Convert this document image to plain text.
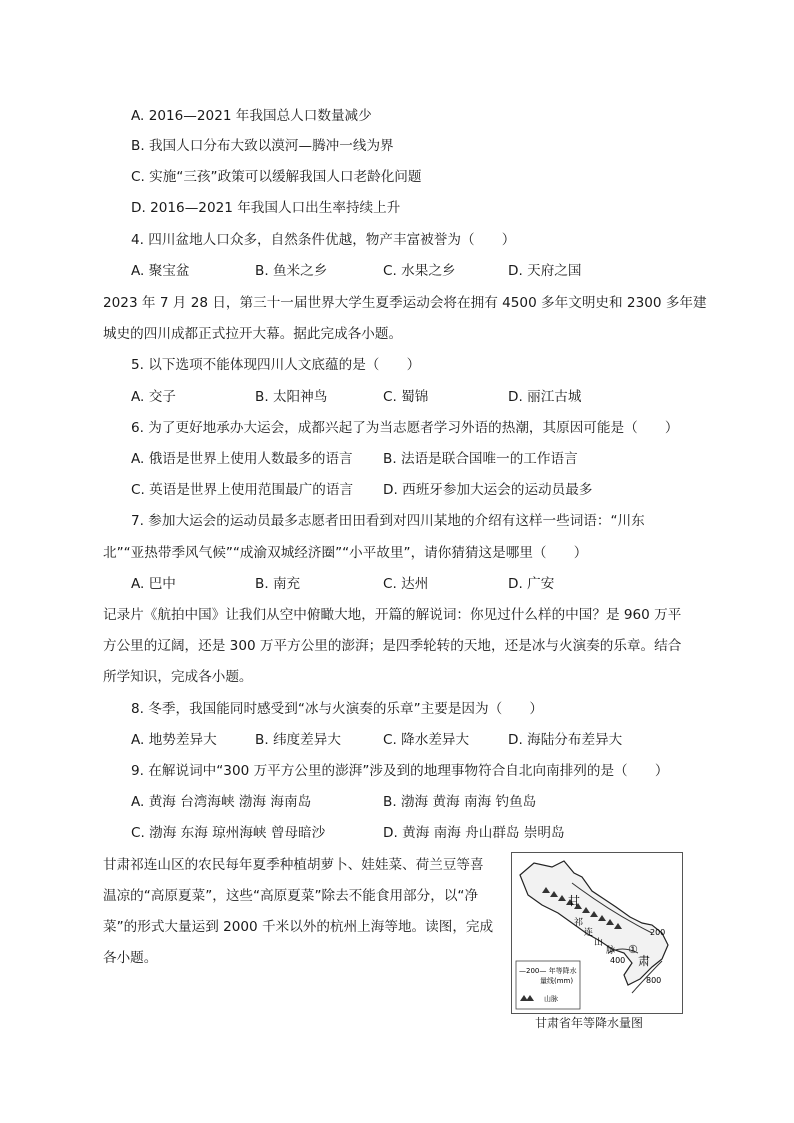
A. 2016—2021 年我国总人口数量减少
B. 我国人口分布大致以漠河—腾冲一线为界
C. 实施“三孩”政策可以缓解我国人口老龄化问题
D. 2016—2021 年我国人口出生率持续上升
4. 四川盆地人口众多，自然条件优越，物产丰富被誉为（　　）
A. 聚宝盆	B. 鱼米之乡	C. 水果之乡	D. 天府之国
2023 年 7 月 28 日，第三十一届世界大学生夏季运动会将在拥有 4500 多年文明史和 2300 多年建
城史的四川成都正式拉开大幕。据此完成各小题。
5. 以下选项不能体现四川人文底蕴的是（　　）
A. 交子	B. 太阳神鸟	C. 蜀锦	D. 丽江古城
6. 为了更好地承办大运会，成都兴起了为当志愿者学习外语的热潮，其原因可能是（　　）
A. 俄语是世界上使用人数最多的语言 B. 法语是联合国唯一的工作语言
C. 英语是世界上使用范围最广的语言 D. 西班牙参加大运会的运动员最多
7. 参加大运会的运动员最多志愿者田田看到对四川某地的介绍有这样一些词语：“川东
北”“亚热带季风气候”“成渝双城经济圈”“小平故里”，请你猜猜这是哪里（　　）
A. 巴中	B. 南充	C. 达州	D. 广安
记录片《航拍中国》让我们从空中俯瞰大地，开篇的解说词：你见过什么样的中国？是 960 万平
方公里的辽阔，还是 300 万平方公里的澎湃；是四季轮转的天地，还是冰与火演奏的乐章。结合
所学知识，完成各小题。
8. 冬季，我国能同时感受到“冰与火演奏的乐章”主要是因为（　　）
A. 地势差异大	B. 纬度差异大	C. 降水差异大	D. 海陆分布差异大
9. 在解说词中“300 万平方公里的澎湃”涉及到的地理事物符合自北向南排列的是（　　）
A. 黄海 台湾海峡 渤海 海南岛	B. 渤海 黄海 南海 钓鱼岛
C. 渤海 东海 琼州海峡 曾母暗沙	D. 黄海 南海 舟山群岛 崇明岛
甘肃祁连山区的农民每年夏季种植胡萝卜、娃娃菜、荷兰豆等喜
温凉的“高原夏菜”，这些“高原夏菜”除去不能食用部分，以“净
菜”的形式大量运到 2000 千米以外的杭州上海等地。读图，完成
各小题。
甘
肃
祁
连
山
脉
200
400
800
①
—200— 年等降水
量线(mm)
山脉
甘肃省年等降水量图
